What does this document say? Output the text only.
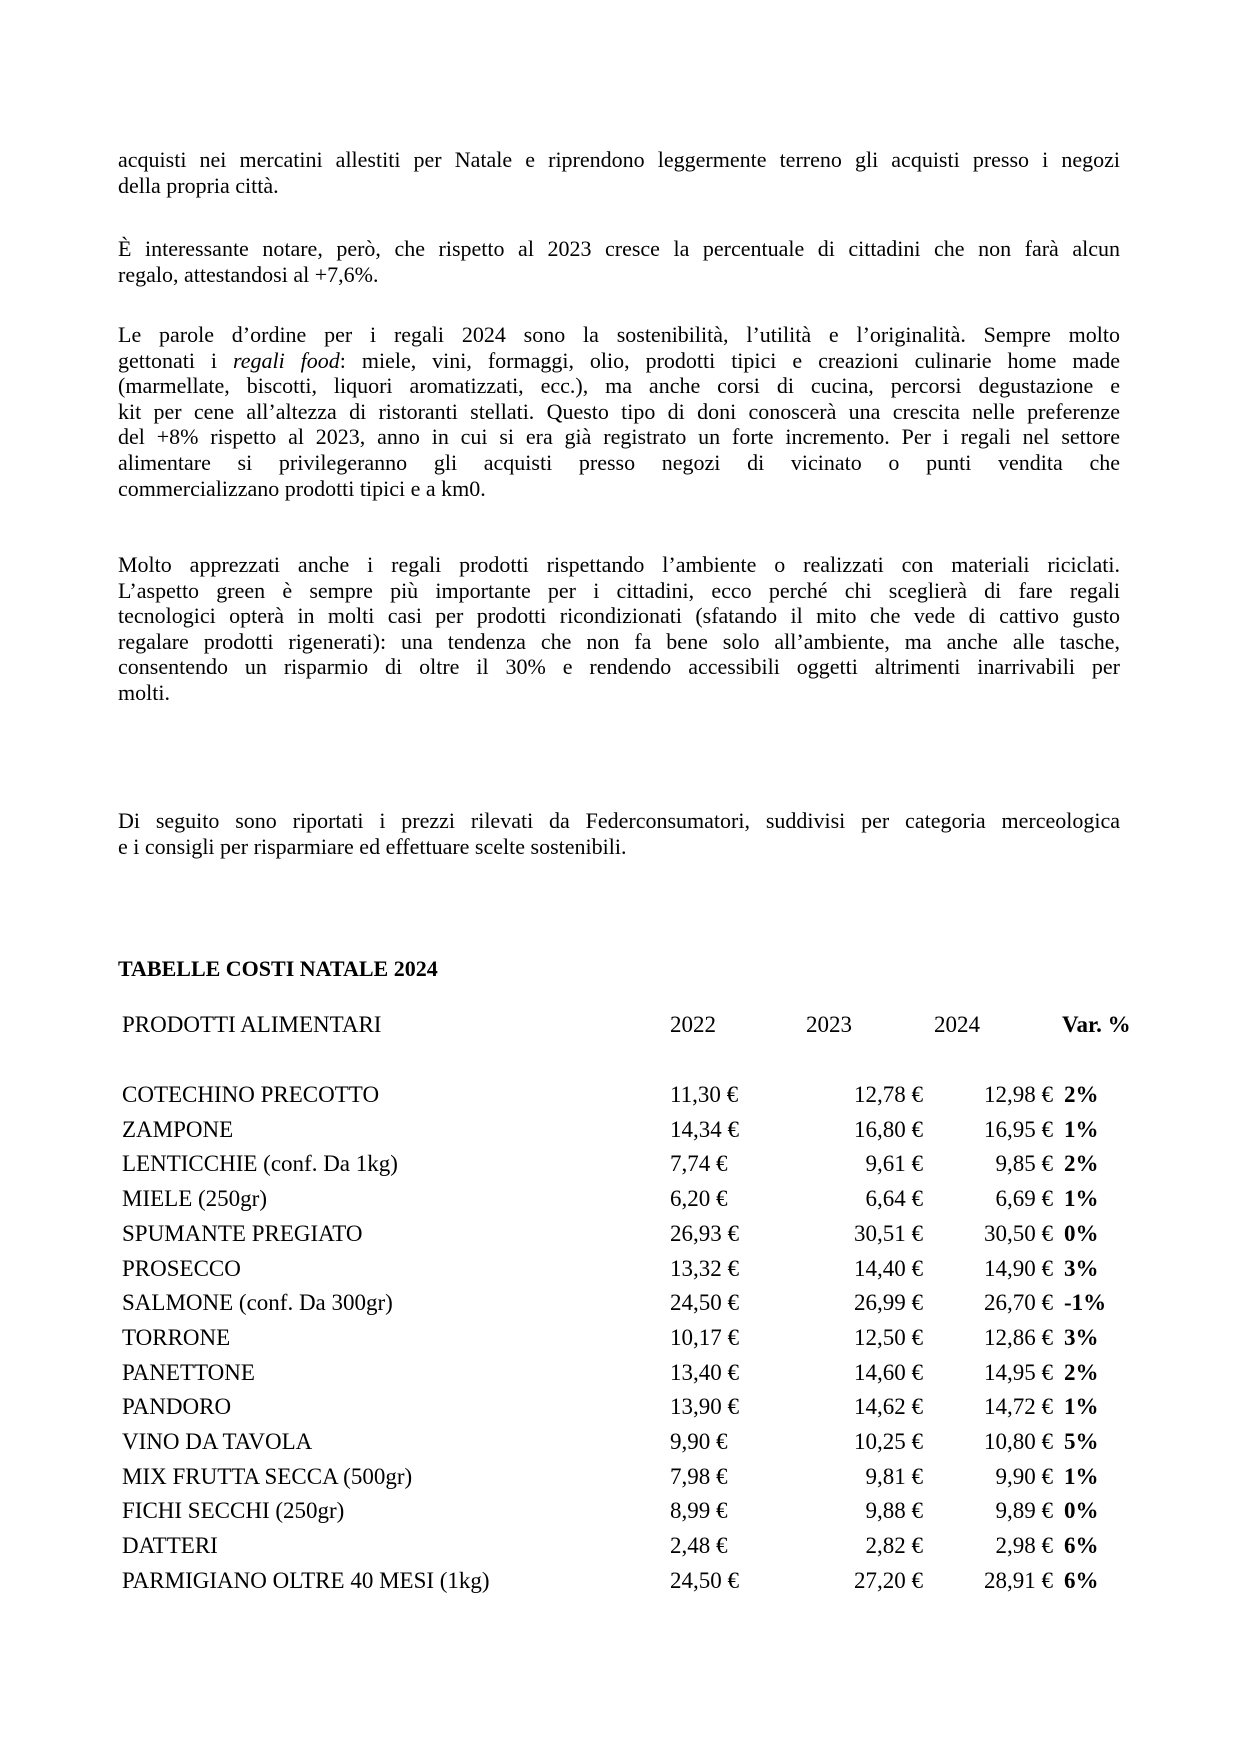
acquisti nei mercatini allestiti per Natale e riprendono leggermente terreno gli acquisti presso i negozi
della propria città.
È interessante notare, però, che rispetto al 2023 cresce la percentuale di cittadini che non farà alcun
regalo, attestandosi al +7,6%.
Le parole d’ordine per i regali 2024 sono la sostenibilità, l’utilità e l’originalità. Sempre molto
gettonati i regali food: miele, vini, formaggi, olio, prodotti tipici e creazioni culinarie home made
(marmellate, biscotti, liquori aromatizzati, ecc.), ma anche corsi di cucina, percorsi degustazione e
kit per cene all’altezza di ristoranti stellati. Questo tipo di doni conoscerà una crescita nelle preferenze
del +8% rispetto al 2023, anno in cui si era già registrato un forte incremento. Per i regali nel settore
alimentare si privilegeranno gli acquisti presso negozi di vicinato o punti vendita che
commercializzano prodotti tipici e a km0.
Molto apprezzati anche i regali prodotti rispettando l’ambiente o realizzati con materiali riciclati.
L’aspetto green è sempre più importante per i cittadini, ecco perché chi sceglierà di fare regali
tecnologici opterà in molti casi per prodotti ricondizionati (sfatando il mito che vede di cattivo gusto
regalare prodotti rigenerati): una tendenza che non fa bene solo all’ambiente, ma anche alle tasche,
consentendo un risparmio di oltre il 30% e rendendo accessibili oggetti altrimenti inarrivabili per
molti.
Di seguito sono riportati i prezzi rilevati da Federconsumatori, suddivisi per categoria merceologica
e i consigli per risparmiare ed effettuare scelte sostenibili.
TABELLE COSTI NATALE 2024
PRODOTTI ALIMENTARI	2022	2023	2024	Var. %
COTECHINO PRECOTTO	11,30 €	12,78 €	12,98 € 2%
ZAMPONE	14,34 €	16,80 €	16,95 € 1%
LENTICCHIE (conf. Da 1kg)	7,74 €	9,61 €	9,85 € 2%
MIELE (250gr)	6,20 €	6,64 €	6,69 € 1%
SPUMANTE PREGIATO	26,93 €	30,51 €	30,50 € 0%
PROSECCO	13,32 €	14,40 €	14,90 € 3%
SALMONE (conf. Da 300gr)	24,50 €	26,99 €	26,70 € -1%
TORRONE	10,17 €	12,50 €	12,86 € 3%
PANETTONE	13,40 €	14,60 €	14,95 € 2%
PANDORO	13,90 €	14,62 €	14,72 € 1%
VINO DA TAVOLA	9,90 €	10,25 €	10,80 € 5%
MIX FRUTTA SECCA (500gr)	7,98 €	9,81 €	9,90 € 1%
FICHI SECCHI (250gr)	8,99 €	9,88 €	9,89 € 0%
DATTERI	2,48 €	2,82 €	2,98 € 6%
PARMIGIANO OLTRE 40 MESI (1kg)	24,50 €	27,20 €	28,91 € 6%
